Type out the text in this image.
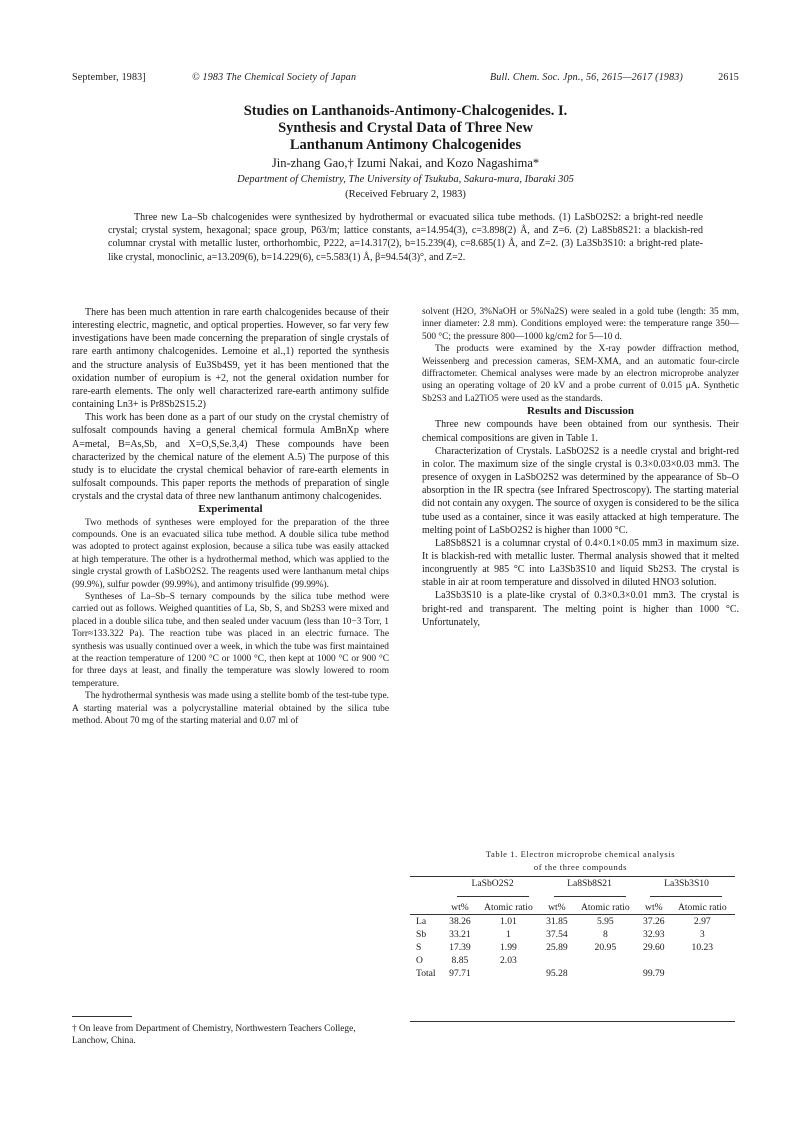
September, 1983]	© 1983 The Chemical Society of Japan	Bull. Chem. Soc. Jpn., 56, 2615—2617 (1983)	2615
Studies on Lanthanoids-Antimony-Chalcogenides. I.
Synthesis and Crystal Data of Three New
Lanthanum Antimony Chalcogenides
Jin-zhang Gao,† Izumi Nakai, and Kozo Nagashima*
Department of Chemistry, The University of Tsukuba, Sakura-mura, Ibaraki 305
(Received February 2, 1983)
Three new La–Sb chalcogenides were synthesized by hydrothermal or evacuated silica tube methods. (1) LaSbO2S2: a bright-red needle crystal; crystal system, hexagonal; space group, P63/m; lattice constants, a=14.954(3), c=3.898(2) Å, and Z=6. (2) La8Sb8S21: a blackish-red columnar crystal with metallic luster, orthorhombic, P222, a=14.317(2), b=15.239(4), c=8.685(1) Å, and Z=2. (3) La3Sb3S10: a bright-red plate-like crystal, monoclinic, a=13.209(6), b=14.229(6), c=5.583(1) Å, β=94.54(3)°, and Z=2.

There has been much attention in rare earth chalcogenides because of their interesting electric, magnetic, and optical properties. However, so far very few investigations have been made concerning the preparation of single crystals of rare earth antimony chalcogenides. Lemoine et al.,1) reported the synthesis and the structure analysis of Eu3Sb4S9, yet it has been mentioned that the oxidation number of europium is +2, not the general oxidation number for rare-earth elements. The only well characterized rare-earth antimony sulfide containing Ln3+ is Pr8Sb2S15.2)

This work has been done as a part of our study on the crystal chemistry of sulfosalt compounds having a general chemical formula AmBnXp where A=metal, B=As,Sb, and X=O,S,Se.3,4) These compounds have been characterized by the chemical nature of the element A.5) The purpose of this study is to elucidate the crystal chemical behavior of rare-earth elements in sulfosalt compounds. This paper reports the methods of preparation of single crystals and the crystal data of three new lanthanum antimony chalcogenides.

Experimental

Two methods of syntheses were employed for the preparation of the three compounds. One is an evacuated silica tube method. A double silica tube method was adopted to protect against explosion, because a silica tube was easily attacked at high temperature. The other is a hydrothermal method, which was applied to the single crystal growth of LaSbO2S2. The reagents used were lanthanum metal chips (99.9%), sulfur powder (99.99%), and antimony trisulfide (99.99%).

Syntheses of La–Sb–S ternary compounds by the silica tube method were carried out as follows. Weighed quantities of La, Sb, S, and Sb2S3 were mixed and placed in a double silica tube, and then sealed under vacuum (less than 10−3 Torr, 1 Torr≈133.322 Pa). The reaction tube was placed in an electric furnace. The synthesis was usually continued over a week, in which the tube was first maintained at the reaction temperature of 1200 °C or 1000 °C, then kept at 1000 °C or 900 °C for three days at least, and finally the temperature was slowly lowered to room temperature.

The hydrothermal synthesis was made using a stellite bomb of the test-tube type. A starting material was a polycrystalline material obtained by the silica tube method. About 70 mg of the starting material and 0.07 ml of

† On leave from Department of Chemistry, Northwestern Teachers College, Lanchow, China.

solvent (H2O, 3%NaOH or 5%Na2S) were sealed in a gold tube (length: 35 mm, inner diameter: 2.8 mm). Conditions employed were: the temperature range 350—500 °C; the pressure 800—1000 kg/cm2 for 5—10 d.

The products were examined by the X-ray powder diffraction method, Weissenberg and precession cameras, SEM-XMA, and an automatic four-circle diffractometer. Chemical analyses were made by an electron microprobe analyzer using an operating voltage of 20 kV and a probe current of 0.015 μA. Synthetic Sb2S3 and La2TiO5 were used as the standards.

Results and Discussion

Three new compounds have been obtained from our synthesis. Their chemical compositions are given in Table 1.

Characterization of Crystals. LaSbO2S2 is a needle crystal and bright-red in color. The maximum size of the single crystal is 0.3×0.03×0.03 mm3. The presence of oxygen in LaSbO2S2 was determined by the appearance of Sb–O absorption in the IR spectra (see Infrared Spectroscopy). The starting material did not contain any oxygen. The source of oxygen is considered to be the silica tube used as a container, since it was easily attacked at high temperature. The melting point of LaSbO2S2 is higher than 1000 °C.

La8Sb8S21 is a columnar crystal of 0.4×0.1×0.05 mm3 in maximum size. It is blackish-red with metallic luster. Thermal analysis showed that it melted incongruently at 985 °C into La3Sb3S10 and liquid Sb2S3. The crystal is stable in air at room temperature and dissolved in diluted HNO3 solution.

La3Sb3S10 is a plate-like crystal of 0.3×0.3×0.01 mm3. The crystal is bright-red and transparent. The melting point is higher than 1000 °C. Unfortunately,

Table 1. Electron microprobe chemical analysis
of the three compounds
	LaSbO2S2		La8Sb8S21		La3Sb3S10	

	wt%	Atomic ratio	wt%	Atomic ratio	wt%	Atomic ratio
La	38.26	1.01	31.85	5.95	37.26	2.97
Sb	33.21	1	37.54	8	32.93	3
S	17.39	1.99	25.89	20.95	29.60	10.23
O	8.85	2.03				
Total	97.71		95.28		99.79	
